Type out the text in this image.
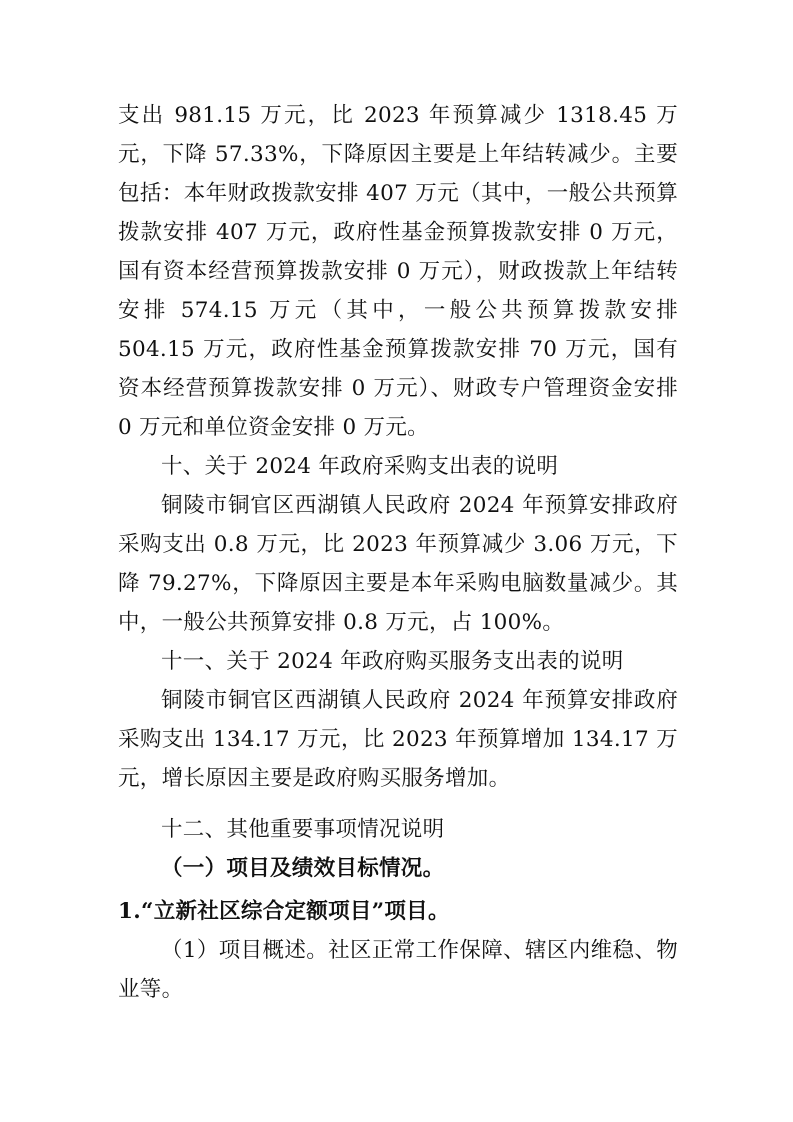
支出 981.15 万元，比 2023 年预算减少 1318.45 万元，下降 57.33%，下降原因主要是上年结转减少。主要包括：本年财政拨款安排 407 万元（其中，一般公共预算拨款安排 407 万元，政府性基金预算拨款安排 0 万元，国有资本经营预算拨款安排 0 万元），财政拨款上年结转安排 574.15 万元（其中，一般公共预算拨款安排 504.15 万元，政府性基金预算拨款安排 70 万元，国有资本经营预算拨款安排 0 万元）、财政专户管理资金安排 0 万元和单位资金安排 0 万元。

十、关于 2024 年政府采购支出表的说明

铜陵市铜官区西湖镇人民政府 2024 年预算安排政府采购支出 0.8 万元，比 2023 年预算减少 3.06 万元，下降 79.27%，下降原因主要是本年采购电脑数量减少。其中，一般公共预算安排 0.8 万元，占 100%。

十一、关于 2024 年政府购买服务支出表的说明

铜陵市铜官区西湖镇人民政府 2024 年预算安排政府采购支出 134.17 万元，比 2023 年预算增加 134.17 万元，增长原因主要是政府购买服务增加。

十二、其他重要事项情况说明

（一）项目及绩效目标情况。

1.“立新社区综合定额项目”项目。

（1）项目概述。社区正常工作保障、辖区内维稳、物业等。
